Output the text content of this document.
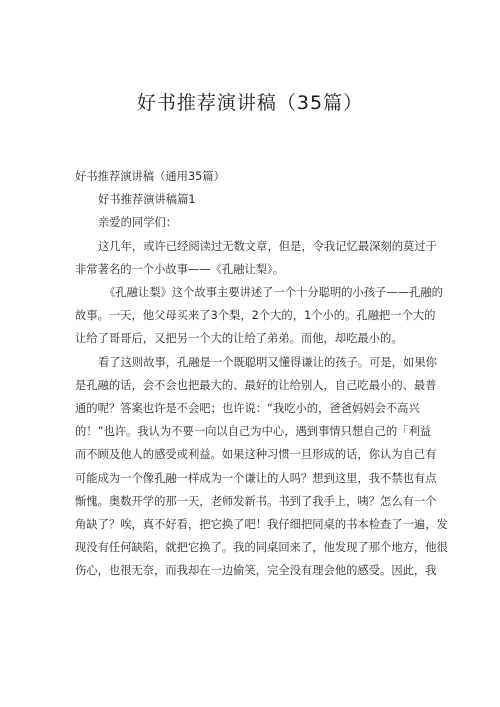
好书推荐演讲稿（35篇）

好书推荐演讲稿（通用35篇）

好书推荐演讲稿篇1

亲爱的同学们：

这几年，或许已经阅读过无数文章，但是，令我记忆最深刻的莫过于

非常著名的一个小故事——《孔融让梨》。

《孔融让梨》这个故事主要讲述了一个十分聪明的小孩子——孔融的

故事。一天，他父母买来了3个梨，2个大的，1个小的。孔融把一个大的

让给了哥哥后，又把另一个大的让给了弟弟。而他，却吃最小的。

看了这则故事，孔融是一个既聪明又懂得谦让的孩子。可是，如果你

是孔融的话，会不会也把最大的、最好的让给别人，自己吃最小的、最普

通的呢？答案也许是不会吧；也许说：“我吃小的，爸爸妈妈会不高兴

的！”也许。我认为不要一向以自己为中心，遇到事情只想自己的「利益

而不顾及他人的感受或利益。如果这种习惯一旦形成的话，你认为自己有

可能成为一个像孔融一样成为一个谦让的人吗？想到这里，我不禁也有点

惭愧。奥数开学的那一天，老师发新书。书到了我手上，咦？怎么有一个

角缺了？唉，真不好看，把它换了吧！我仔细把同桌的书本检查了一遍，发

现没有任何缺陷，就把它换了。我的同桌回来了，他发现了那个地方，他很

伤心，也很无奈，而我却在一边偷笑，完全没有理会他的感受。因此，我
